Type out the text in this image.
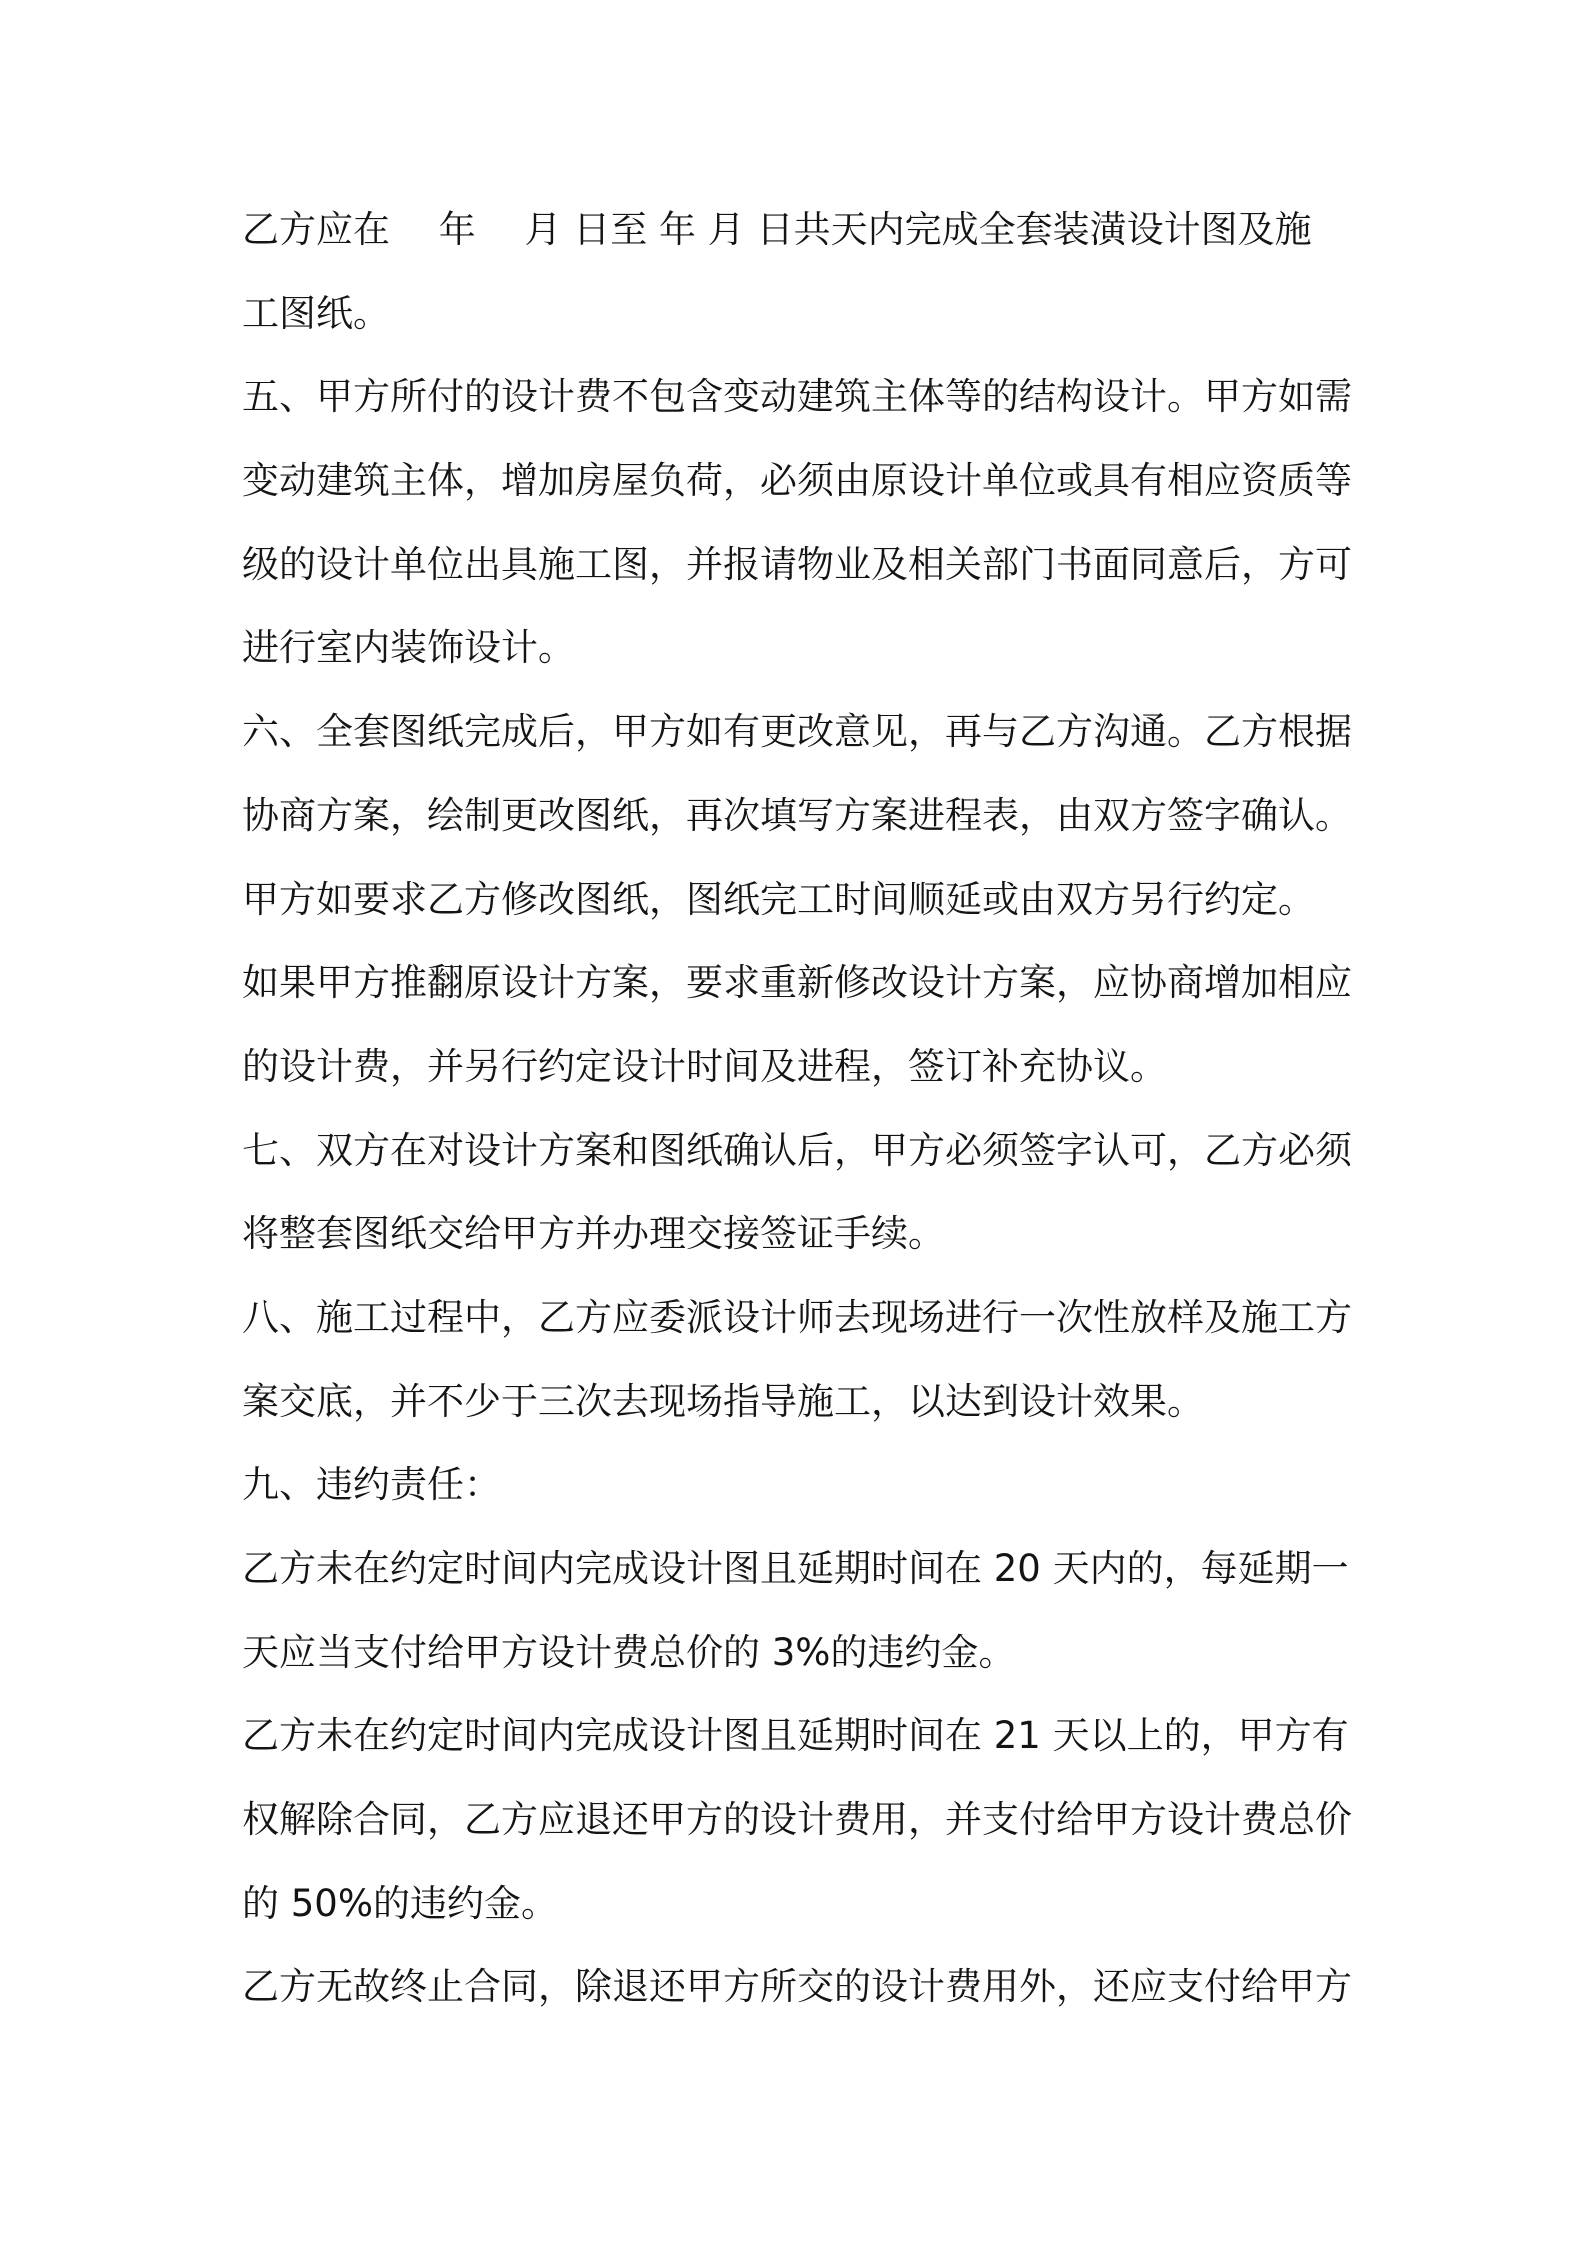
乙方应在　 年　 月 日至 年 月 日共天内完成全套装潢设计图及施
工图纸。
五、甲方所付的设计费不包含变动建筑主体等的结构设计。甲方如需
变动建筑主体，增加房屋负荷，必须由原设计单位或具有相应资质等
级的设计单位出具施工图，并报请物业及相关部门书面同意后，方可
进行室内装饰设计。
六、全套图纸完成后，甲方如有更改意见，再与乙方沟通。乙方根据
协商方案，绘制更改图纸，再次填写方案进程表，由双方签字确认。
甲方如要求乙方修改图纸，图纸完工时间顺延或由双方另行约定。
如果甲方推翻原设计方案，要求重新修改设计方案，应协商增加相应
的设计费，并另行约定设计时间及进程，签订补充协议。
七、双方在对设计方案和图纸确认后，甲方必须签字认可，乙方必须
将整套图纸交给甲方并办理交接签证手续。
八、施工过程中，乙方应委派设计师去现场进行一次性放样及施工方
案交底，并不少于三次去现场指导施工，以达到设计效果。
九、违约责任：
乙方未在约定时间内完成设计图且延期时间在 20 天内的，每延期一
天应当支付给甲方设计费总价的 3%的违约金。
乙方未在约定时间内完成设计图且延期时间在 21 天以上的，甲方有
权解除合同，乙方应退还甲方的设计费用，并支付给甲方设计费总价
的 50%的违约金。
乙方无故终止合同，除退还甲方所交的设计费用外，还应支付给甲方
